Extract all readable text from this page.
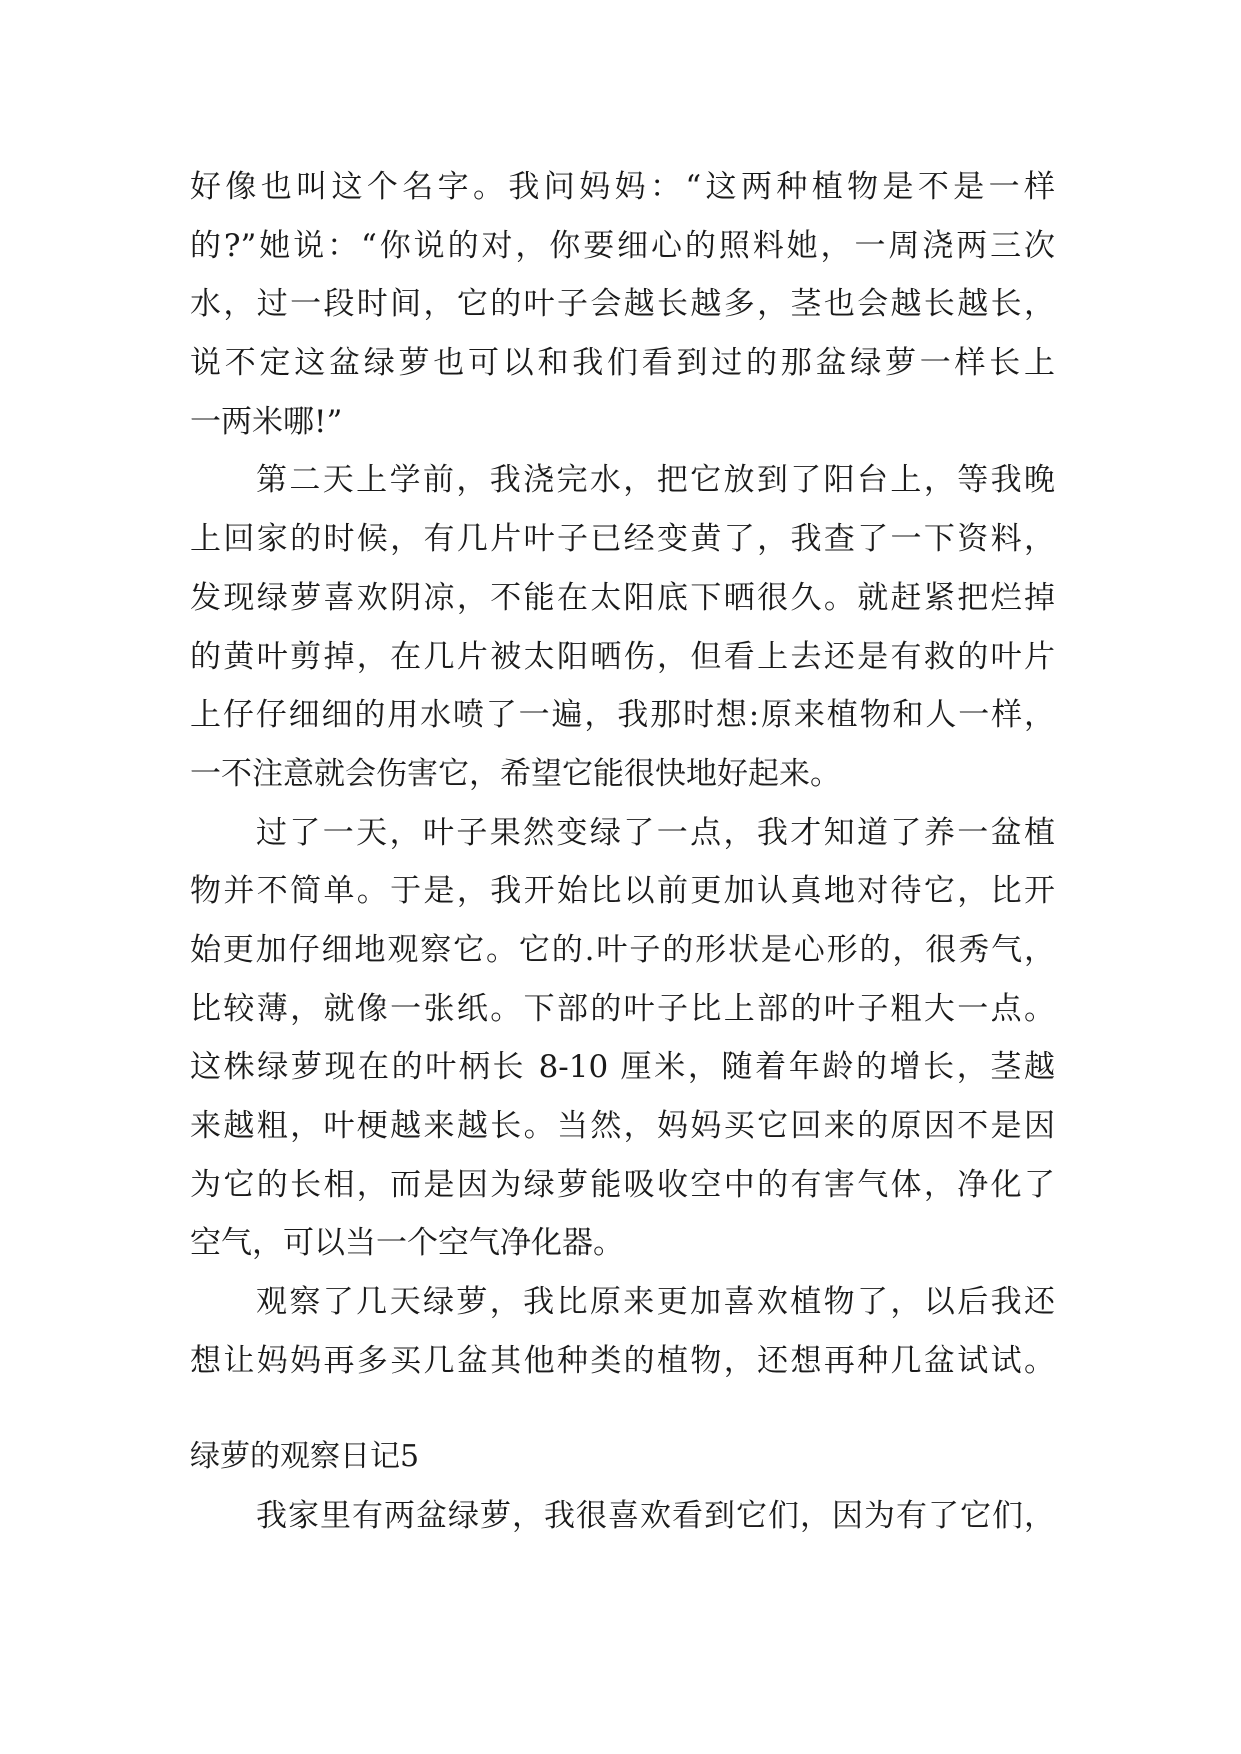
好像也叫这个名字。我问妈妈：“这两种植物是不是一样
的?”她说：“你说的对，你要细心的照料她，一周浇两三次
水，过一段时间，它的叶子会越长越多，茎也会越长越长，
说不定这盆绿萝也可以和我们看到过的那盆绿萝一样长上
一两米哪!”
第二天上学前，我浇完水，把它放到了阳台上，等我晚
上回家的时候，有几片叶子已经变黄了，我查了一下资料，
发现绿萝喜欢阴凉，不能在太阳底下晒很久。就赶紧把烂掉
的黄叶剪掉，在几片被太阳晒伤，但看上去还是有救的叶片
上仔仔细细的用水喷了一遍，我那时想:原来植物和人一样，
一不注意就会伤害它，希望它能很快地好起来。
过了一天，叶子果然变绿了一点，我才知道了养一盆植
物并不简单。于是，我开始比以前更加认真地对待它，比开
始更加仔细地观察它。它的.叶子的形状是心形的，很秀气，
比较薄，就像一张纸。下部的叶子比上部的叶子粗大一点。
这株绿萝现在的叶柄长 8-10 厘米，随着年龄的增长，茎越
来越粗，叶梗越来越长。当然，妈妈买它回来的原因不是因
为它的长相，而是因为绿萝能吸收空中的有害气体，净化了
空气，可以当一个空气净化器。
观察了几天绿萝，我比原来更加喜欢植物了，以后我还
想让妈妈再多买几盆其他种类的植物，还想再种几盆试试。
绿萝的观察日记5
我家里有两盆绿萝，我很喜欢看到它们，因为有了它们，
